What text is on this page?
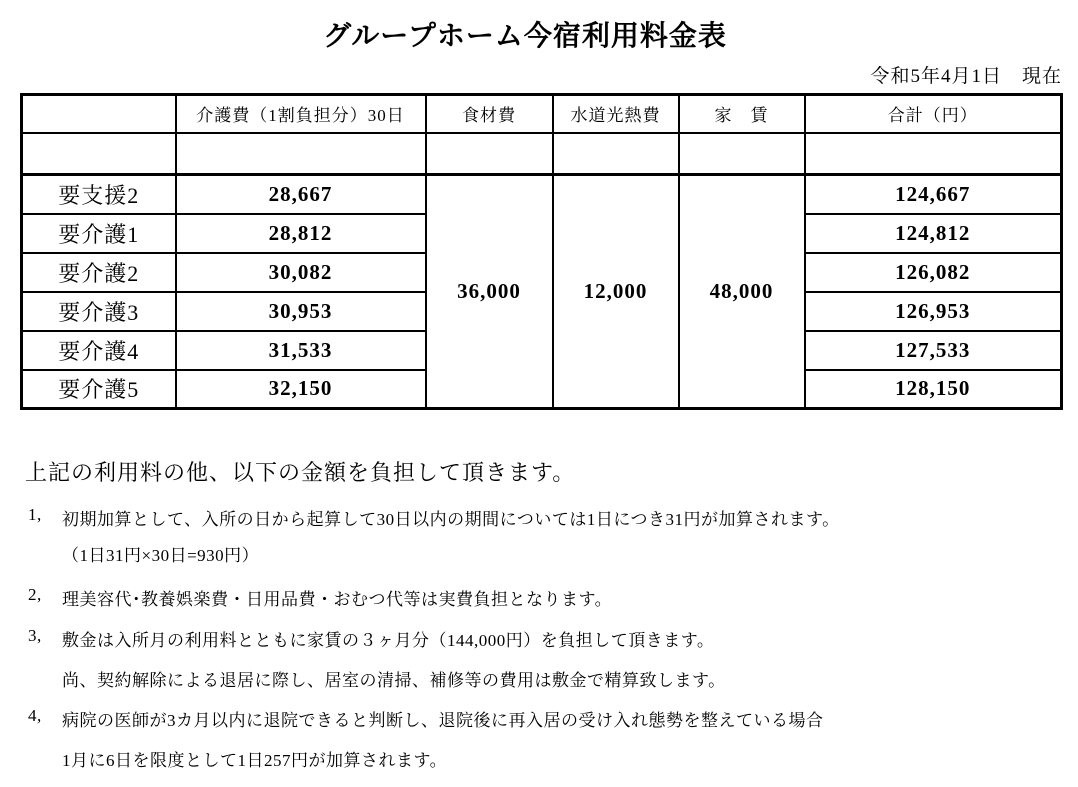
グループホーム今宿利用料金表
令和5年4月1日　現在
	介護費（1割負担分）30日	食材費	水道光熱費	家　賃	合計（円）

要支援2	28,667	36,000	12,000	48,000	124,667
要介護1	28,812				124,812
要介護2	30,082				126,082
要介護3	30,953				126,953
要介護4	31,533				127,533
要介護5	32,150				128,150
上記の利用料の他、以下の金額を負担して頂きます。
1,	初期加算として、入所の日から起算して30日以内の期間については1日につき31円が加算されます。
（1日31円×30日=930円）
2,	理美容代･教養娯楽費・日用品費・おむつ代等は実費負担となります。
3,	敷金は入所月の利用料とともに家賃の３ヶ月分（144,000円）を負担して頂きます。
尚、契約解除による退居に際し、居室の清掃、補修等の費用は敷金で精算致します。
4,	病院の医師が3カ月以内に退院できると判断し、退院後に再入居の受け入れ態勢を整えている場合
1月に6日を限度として1日257円が加算されます。
